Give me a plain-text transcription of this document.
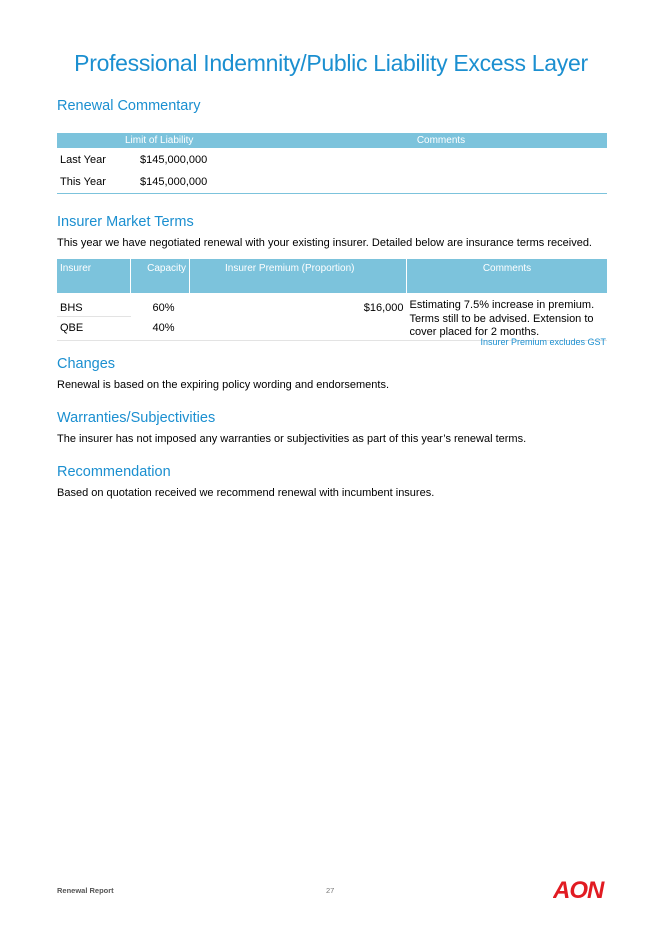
Professional Indemnity/Public Liability Excess Layer
Renewal Commentary
	Limit of Liability	Comments
Last Year	$145,000,000	
This Year	$145,000,000	
Insurer Market Terms
This year we have negotiated renewal with your existing insurer. Detailed below are insurance terms received.
Insurer	Capacity	Insurer Premium (Proportion)	Comments
BHS	60%	$16,000	Estimating 7.5% increase in premium. Terms still to be advised. Extension to cover placed for 2 months.
QBE	40%		
Insurer Premium excludes GST
Changes
Renewal is based on the expiring policy wording and endorsements.
Warranties/Subjectivities
The insurer has not imposed any warranties or subjectivities as part of this year’s renewal terms.
Recommendation
Based on quotation received we recommend renewal with incumbent insures.
Renewal Report	27	AON
